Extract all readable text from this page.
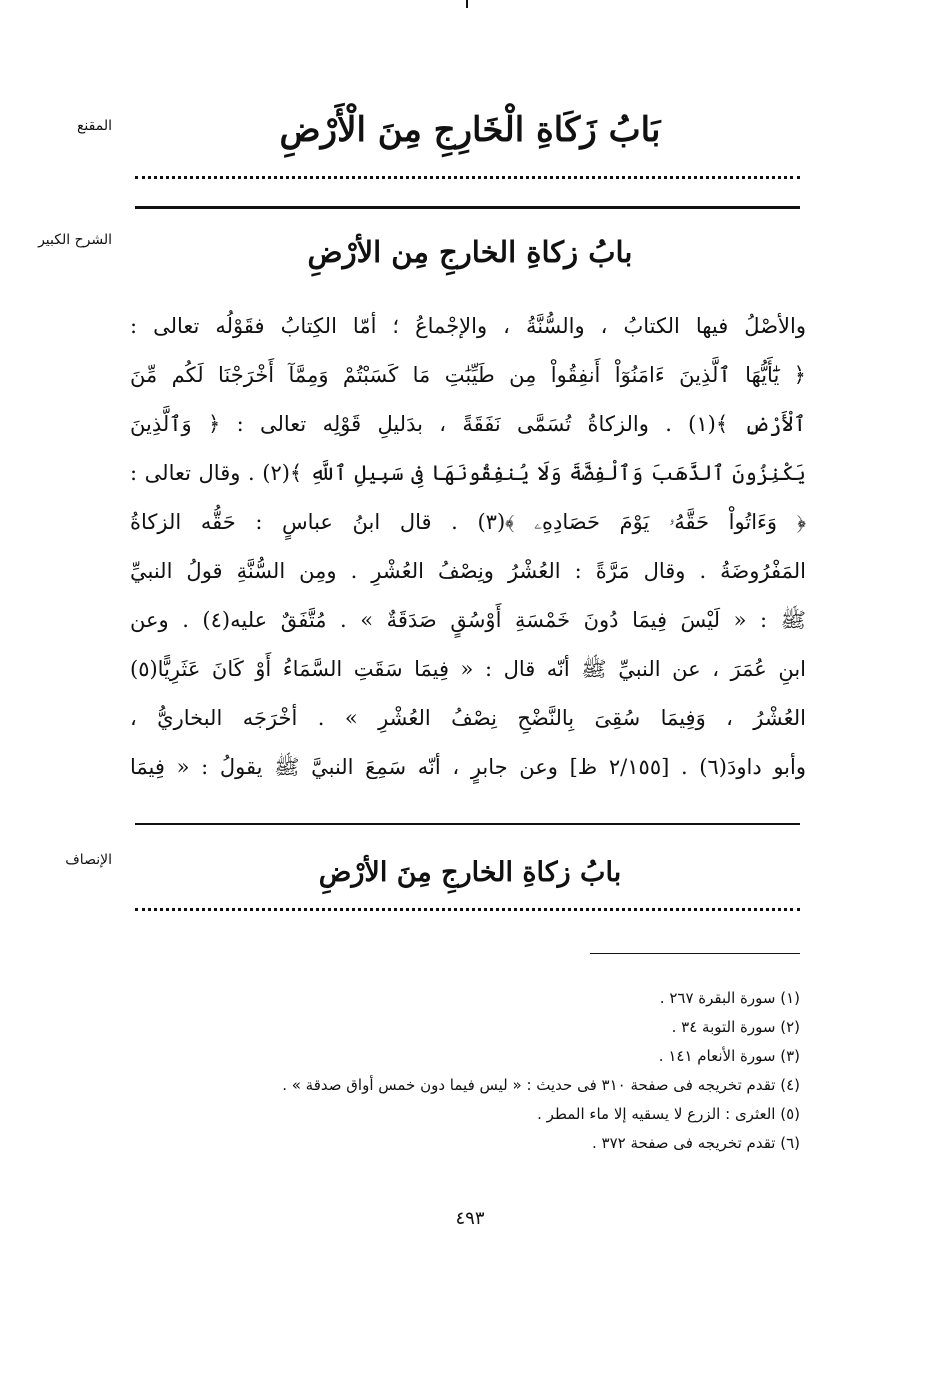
المقنع	بَابُ زَكَاةِ الْخَارِجِ مِنَ الْأَرْضِ
الشرح الكبير	بابُ زكاةِ الخارجِ مِن الأرْضِ
والأصْلُ فيها الكتابُ ، والسُّنَّةُ ، والإجْماعُ ؛ أمّا الكِتابُ فقَوْلُه تعالى :
﴿ يَٰٓأَيُّهَا ٱلَّذِينَ ءَامَنُوٓاْ أَنفِقُواْ مِن طَيِّبَٰتِ مَا كَسَبْتُمْ وَمِمَّآ أَخْرَجْنَا لَكُم مِّنَ
ٱلْأَرْضِ ﴾(١) . والزكاةُ تُسَمَّى نَفَقَةً ، بدَليلِ قَوْلِه تعالى : ﴿ وَٱلَّذِينَ
يَكْنِزُونَ ٱلذَّهَبَ وَٱلْفِضَّةَ وَلَا يُنفِقُونَهَا فِى سَبِيلِ ٱللَّهِ ﴾(٢) . وقال تعالى :
﴿ وَءَاتُواْ حَقَّهُۥ يَوْمَ حَصَادِهِۦ ﴾(٣) . قال ابنُ عباسٍ : حَقُّه الزكاةُ
المَفْرُوضَةُ . وقال مَرَّةً : العُشْرُ ونِصْفُ العُشْرِ . ومِن السُّنَّةِ قولُ النبيِّ
ﷺ : « لَيْسَ فِيمَا دُونَ خَمْسَةِ أَوْسُقٍ صَدَقَةٌ » . مُتَّفَقٌ عليه(٤) . وعن
ابنِ عُمَرَ ، عن النبيِّ ﷺ أنّه قال : « فِيمَا سَقَتِ السَّمَاءُ أَوْ كَانَ عَثَرِيًّا(٥)
العُشْرُ ، وَفِيمَا سُقِىَ بِالنَّضْحِ نِصْفُ العُشْرِ » . أخْرَجَه البخاريُّ ،
وأبو داودَ(٦) . [٢/١٥٥ ظ] وعن جابرٍ ، أنّه سَمِعَ النبيَّ ﷺ يقولُ : « فِيمَا
الإنصاف	بابُ زكاةِ الخارجِ مِنَ الأرْضِ
(١) سورة البقرة ٢٦٧ .
(٢) سورة التوبة ٣٤ .
(٣) سورة الأنعام ١٤١ .
(٤) تقدم تخريجه فى صفحة ٣١٠ فى حديث : « ليس فيما دون خمس أواق صدقة » .
(٥) العثرى : الزرع لا يسقيه إلا ماء المطر .
(٦) تقدم تخريجه فى صفحة ٣٧٢ .
٤٩٣
